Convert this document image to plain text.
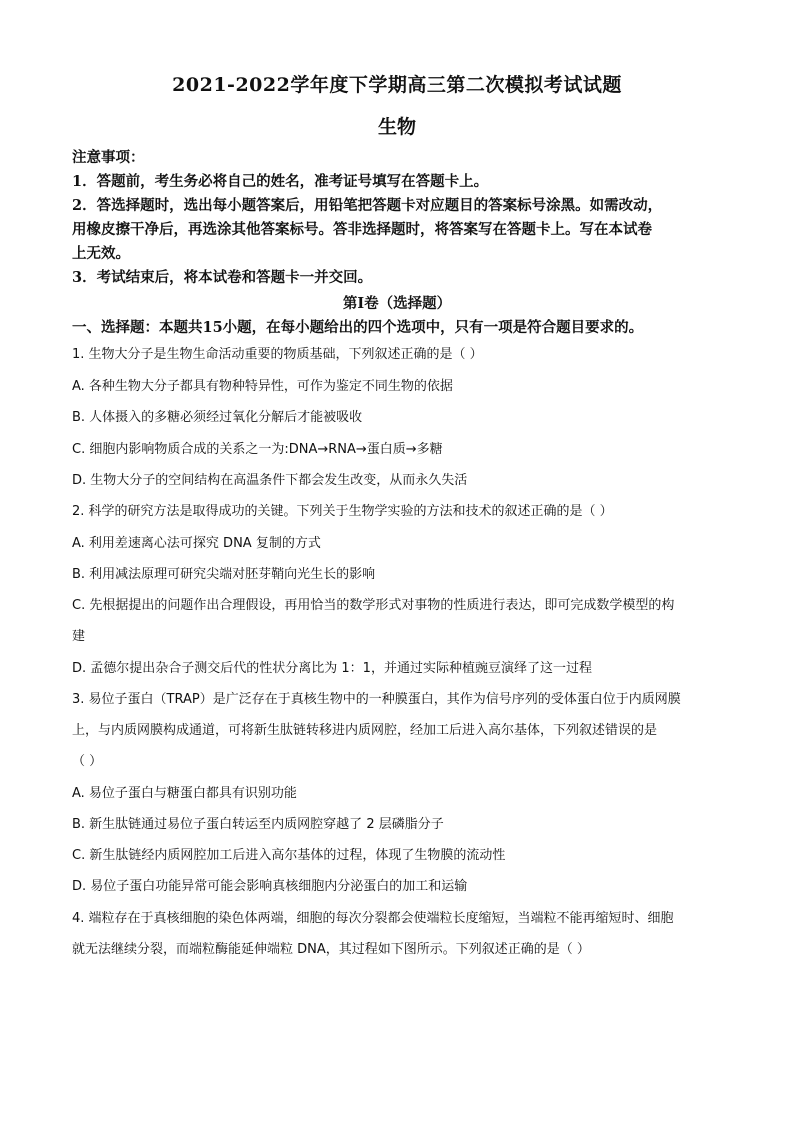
2021-2022学年度下学期高三第二次模拟考试试题
生物
注意事项：
1．答题前，考生务必将自己的姓名，准考证号填写在答题卡上。
2．答选择题时，选出每小题答案后，用铅笔把答题卡对应题目的答案标号涂黑。如需改动，
用橡皮擦干净后，再选涂其他答案标号。答非选择题时，将答案写在答题卡上。写在本试卷
上无效。
3．考试结束后，将本试卷和答题卡一并交回。
第Ⅰ卷（选择题）
一、选择题：本题共15小题，在每小题给出的四个选项中，只有一项是符合题目要求的。
1. 生物大分子是生物生命活动重要的物质基础，下列叙述正确的是（ ）
A. 各种生物大分子都具有物种特异性，可作为鉴定不同生物的依据
B. 人体摄入的多糖必须经过氧化分解后才能被吸收
C. 细胞内影响物质合成的关系之一为:DNA→RNA→蛋白质→多糖
D. 生物大分子的空间结构在高温条件下都会发生改变，从而永久失活
2. 科学的研究方法是取得成功的关键。下列关于生物学实验的方法和技术的叙述正确的是（ ）
A. 利用差速离心法可探究 DNA 复制的方式
B. 利用减法原理可研究尖端对胚芽鞘向光生长的影响
C. 先根据提出的问题作出合理假设，再用恰当的数学形式对事物的性质进行表达，即可完成数学模型的构
建
D. 孟德尔提出杂合子测交后代的性状分离比为 1：1，并通过实际种植豌豆演绎了这一过程
3. 易位子蛋白（TRAP）是广泛存在于真核生物中的一种膜蛋白，其作为信号序列的受体蛋白位于内质网膜
上，与内质网膜构成通道，可将新生肽链转移进内质网腔，经加工后进入高尔基体，下列叙述错误的是
（ ）
A. 易位子蛋白与糖蛋白都具有识别功能
B. 新生肽链通过易位子蛋白转运至内质网腔穿越了 2 层磷脂分子
C. 新生肽链经内质网腔加工后进入高尔基体的过程，体现了生物膜的流动性
D. 易位子蛋白功能异常可能会影响真核细胞内分泌蛋白的加工和运输
4. 端粒存在于真核细胞的染色体两端，细胞的每次分裂都会使端粒长度缩短，当端粒不能再缩短时、细胞
就无法继续分裂，而端粒酶能延伸端粒 DNA，其过程如下图所示。下列叙述正确的是（ ）
